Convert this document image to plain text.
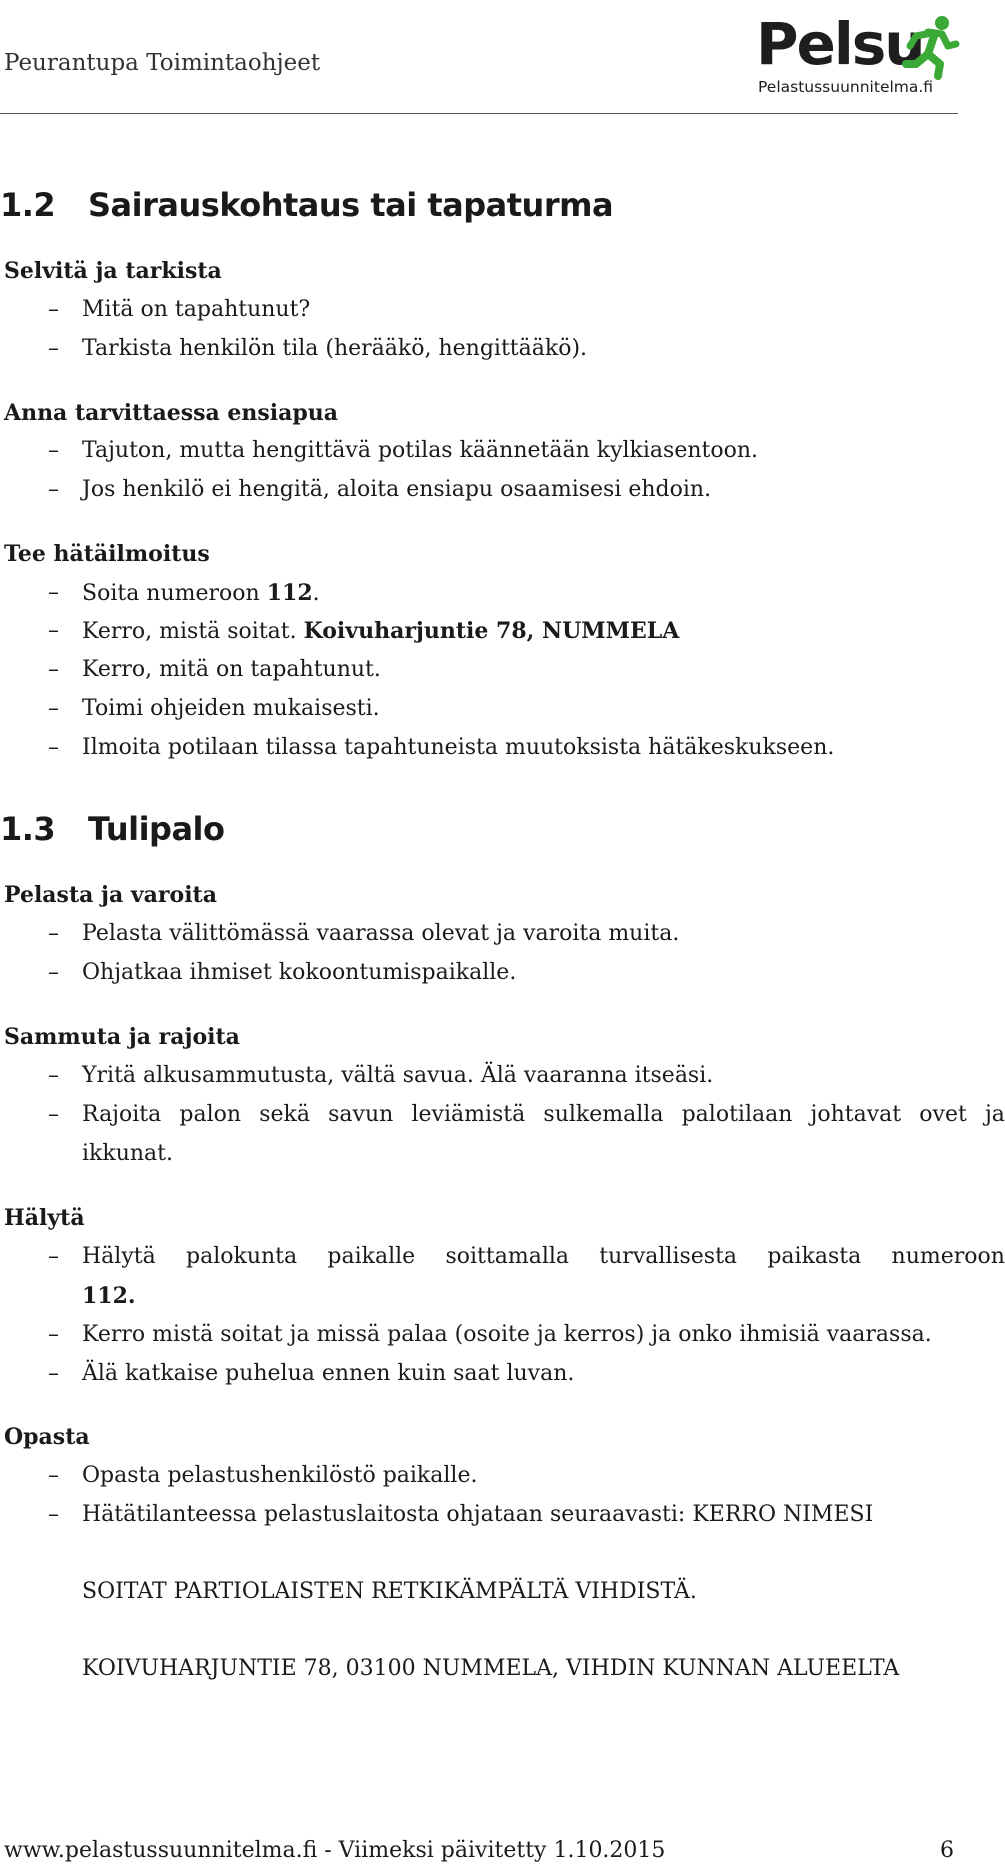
Peurantupa Toimintaohjeet	Pelsu
Pelastussuunnitelma.fi
1.2 Sairauskohtaus tai tapaturma
Selvitä ja tarkista
–	Mitä on tapahtunut?
–	Tarkista henkilön tila (herääkö, hengittääkö).
Anna tarvittaessa ensiapua
–	Tajuton, mutta hengittävä potilas käännetään kylkiasentoon.
–	Jos henkilö ei hengitä, aloita ensiapu osaamisesi ehdoin.
Tee hätäilmoitus
–	Soita numeroon 112.
–	Kerro, mistä soitat. Koivuharjuntie 78, NUMMELA
–	Kerro, mitä on tapahtunut.
–	Toimi ohjeiden mukaisesti.
–	Ilmoita potilaan tilassa tapahtuneista muutoksista hätäkeskukseen.
1.3 Tulipalo
Pelasta ja varoita
–	Pelasta välittömässä vaarassa olevat ja varoita muita.
–	Ohjatkaa ihmiset kokoontumispaikalle.
Sammuta ja rajoita
–	Yritä alkusammutusta, vältä savua. Älä vaaranna itseäsi.
–	Rajoita palon sekä savun leviämistä sulkemalla palotilaan johtavat ovet ja
ikkunat.
Hälytä
–	Hälytä palokunta paikalle soittamalla turvallisesta paikasta numeroon
112.
–	Kerro mistä soitat ja missä palaa (osoite ja kerros) ja onko ihmisiä vaarassa.
–	Älä katkaise puhelua ennen kuin saat luvan.
Opasta
–	Opasta pelastushenkilöstö paikalle.
–	Hätätilanteessa pelastuslaitosta ohjataan seuraavasti: KERRO NIMESI
SOITAT PARTIOLAISTEN RETKIKÄMPÄLTÄ VIHDISTÄ.
KOIVUHARJUNTIE 78, 03100 NUMMELA, VIHDIN KUNNAN ALUEELTA
www.pelastussuunnitelma.fi - Viimeksi päivitetty 1.10.2015	6
